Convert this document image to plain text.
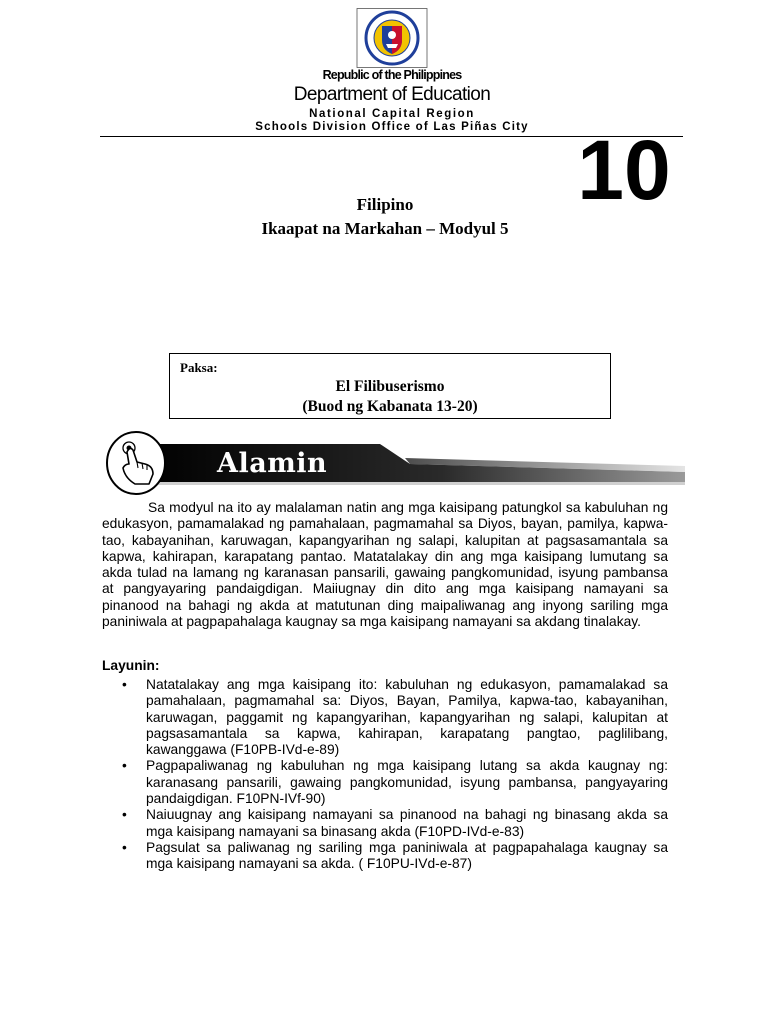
Republic of the Philippines
Department of Education
National Capital Region
Schools Division Office of Las Piñas City 10
Filipino
Ikaapat na Markahan – Modyul 5
Paksa:
El Filibuserismo
(Buod ng Kabanata 13-20)
Alamin
Sa modyul na ito ay malalaman natin ang mga kaisipang patungkol sa kabuluhan ng edukasyon, pamamalakad ng pamahalaan, pagmamahal sa Diyos, bayan, pamilya, kapwa-tao, kabayanihan, karuwagan, kapangyarihan ng salapi, kalupitan at pagsasamantala sa kapwa, kahirapan, karapatang pantao. Matatalakay din ang mga kaisipang lumutang sa akda tulad na lamang ng karanasan pansarili, gawaing pangkomunidad, isyung pambansa at pangyayaring pandaigdigan. Maiiugnay din dito ang mga kaisipang namayani sa pinanood na bahagi ng akda at matutunan ding maipaliwanag ang inyong sariling mga paniniwala at pagpapahalaga kaugnay sa mga kaisipang namayani sa akdang tinalakay.
Layunin:
• Natatalakay ang mga kaisipang ito: kabuluhan ng edukasyon, pamamalakad sa pamahalaan, pagmamahal sa: Diyos, Bayan, Pamilya, kapwa-tao, kabayanihan, karuwagan, paggamit ng kapangyarihan, kapangyarihan ng salapi, kalupitan at pagsasamantala sa kapwa, kahirapan, karapatang pangtao, paglilibang, kawanggawa (F10PB-IVd-e-89)
• Pagpapaliwanag ng kabuluhan ng mga kaisipang lutang sa akda kaugnay ng: karanasang pansarili, gawaing pangkomunidad, isyung pambansa, pangyayaring pandaigdigan. F10PN-IVf-90)
• Naiuugnay ang kaisipang namayani sa pinanood na bahagi ng binasang akda sa mga kaisipang namayani sa binasang akda (F10PD-IVd-e-83)
• Pagsulat sa paliwanag ng sariling mga paniniwala at pagpapahalaga kaugnay sa mga kaisipang namayani sa akda. ( F10PU-IVd-e-87)
